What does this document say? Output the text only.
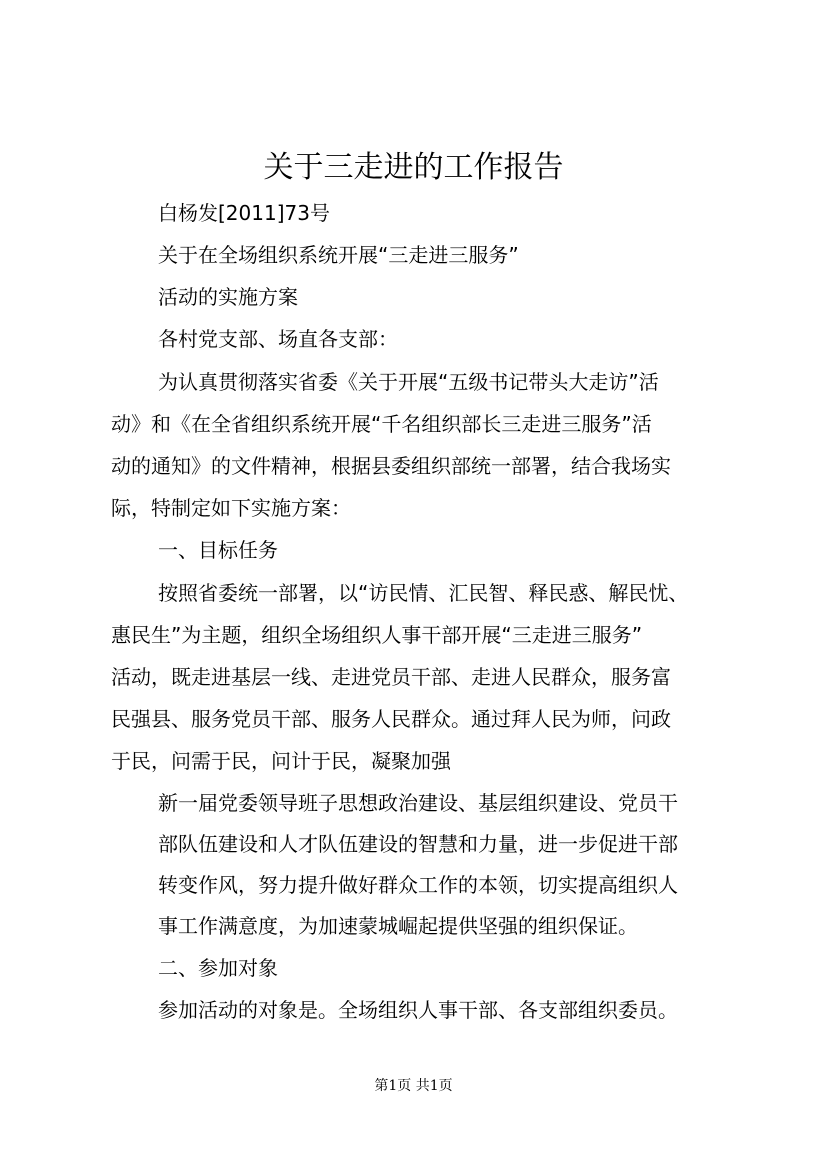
关于三走进的工作报告
白杨发[2011]73号
关于在全场组织系统开展“三走进三服务”
活动的实施方案
各村党支部、场直各支部：
为认真贯彻落实省委《关于开展“五级书记带头大走访”活
动》和《在全省组织系统开展“千名组织部长三走进三服务”活
动的通知》的文件精神，根据县委组织部统一部署，结合我场实
际，特制定如下实施方案：
一、目标任务
按照省委统一部署，以“访民情、汇民智、释民惑、解民忧、
惠民生”为主题，组织全场组织人事干部开展“三走进三服务”
活动，既走进基层一线、走进党员干部、走进人民群众，服务富
民强县、服务党员干部、服务人民群众。通过拜人民为师，问政
于民，问需于民，问计于民，凝聚加强
新一届党委领导班子思想政治建设、基层组织建设、党员干
部队伍建设和人才队伍建设的智慧和力量，进一步促进干部
转变作风，努力提升做好群众工作的本领，切实提高组织人
事工作满意度，为加速蒙城崛起提供坚强的组织保证。
二、参加对象
参加活动的对象是。全场组织人事干部、各支部组织委员。
第1页 共1页
